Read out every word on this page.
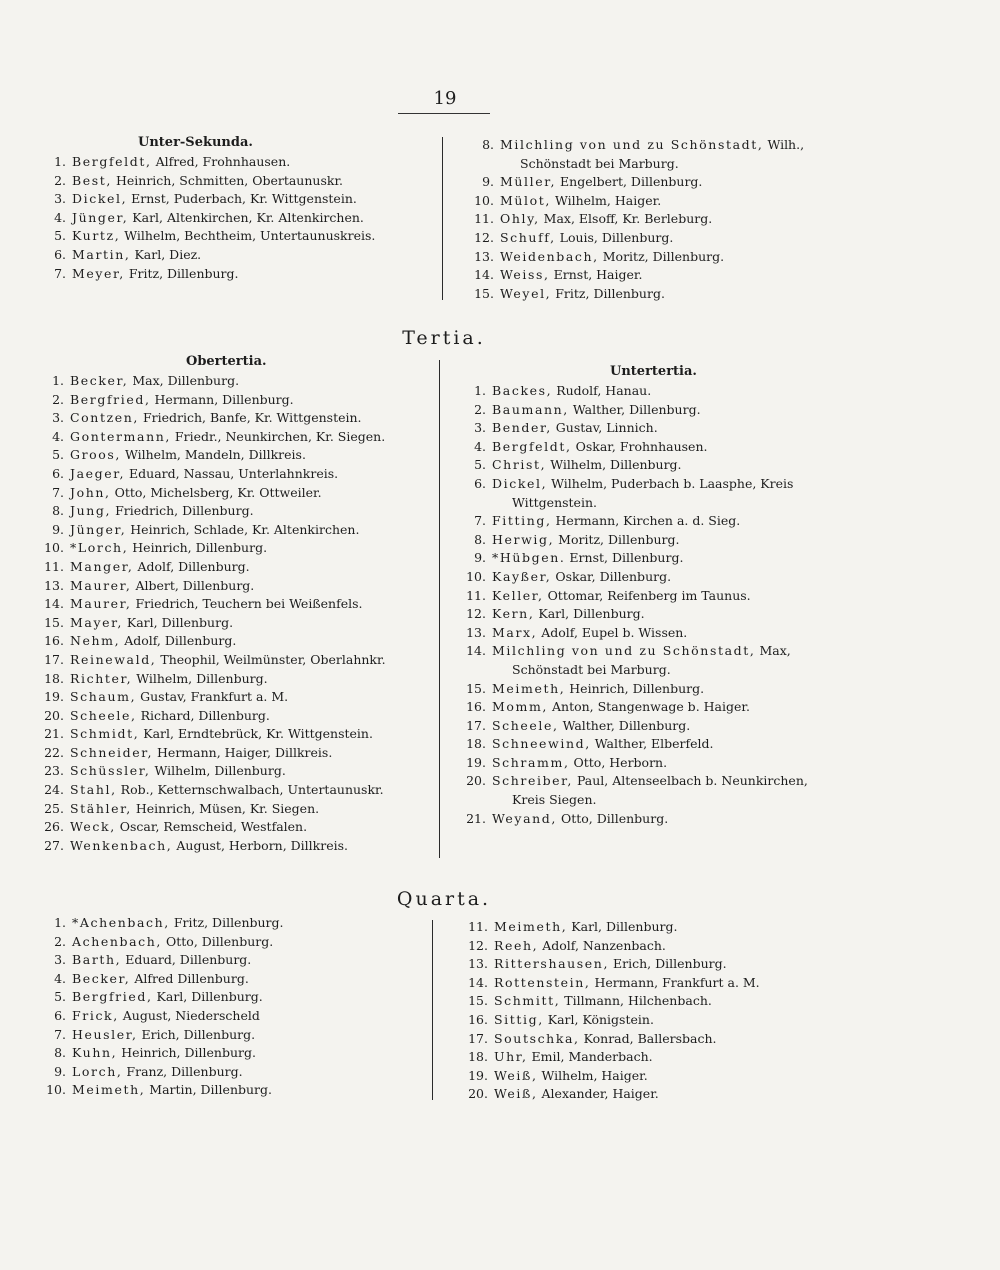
19
Unter-Sekunda.
1. Bergfeldt, Alfred, Frohnhausen.
2. Best, Heinrich, Schmitten, Obertaunuskr.
3. Dickel, Ernst, Puderbach, Kr. Wittgenstein.
4. Jünger, Karl, Altenkirchen, Kr. Altenkirchen.
5. Kurtz, Wilhelm, Bechtheim, Untertaunuskreis.
6. Martin, Karl, Diez.
7. Meyer, Fritz, Dillenburg.
8. Milchling von und zu Schönstadt, Wilh.,
Schönstadt bei Marburg.
9. Müller, Engelbert, Dillenburg.
10. Mülot, Wilhelm, Haiger.
11. Ohly, Max, Elsoff, Kr. Berleburg.
12. Schuff, Louis, Dillenburg.
13. Weidenbach, Moritz, Dillenburg.
14. Weiss, Ernst, Haiger.
15. Weyel, Fritz, Dillenburg.
Tertia.
Obertertia.
1. Becker, Max, Dillenburg.
2. Bergfried, Hermann, Dillenburg.
3. Contzen, Friedrich, Banfe, Kr. Wittgenstein.
4. Gontermann, Friedr., Neunkirchen, Kr. Siegen.
5. Groos, Wilhelm, Mandeln, Dillkreis.
6. Jaeger, Eduard, Nassau, Unterlahnkreis.
7. John, Otto, Michelsberg, Kr. Ottweiler.
8. Jung, Friedrich, Dillenburg.
9. Jünger, Heinrich, Schlade, Kr. Altenkirchen.
10. *Lorch, Heinrich, Dillenburg.
11. Manger, Adolf, Dillenburg.
13. Maurer, Albert, Dillenburg.
14. Maurer, Friedrich, Teuchern bei Weißenfels.
15. Mayer, Karl, Dillenburg.
16. Nehm, Adolf, Dillenburg.
17. Reinewald, Theophil, Weilmünster, Oberlahnkr.
18. Richter, Wilhelm, Dillenburg.
19. Schaum, Gustav, Frankfurt a. M.
20. Scheele, Richard, Dillenburg.
21. Schmidt, Karl, Erndtebrück, Kr. Wittgenstein.
22. Schneider, Hermann, Haiger, Dillkreis.
23. Schüssler, Wilhelm, Dillenburg.
24. Stahl, Rob., Ketternschwalbach, Untertaunuskr.
25. Stähler, Heinrich, Müsen, Kr. Siegen.
26. Weck, Oscar, Remscheid, Westfalen.
27. Wenkenbach, August, Herborn, Dillkreis.
Untertertia.
1. Backes, Rudolf, Hanau.
2. Baumann, Walther, Dillenburg.
3. Bender, Gustav, Linnich.
4. Bergfeldt, Oskar, Frohnhausen.
5. Christ, Wilhelm, Dillenburg.
6. Dickel, Wilhelm, Puderbach b. Laasphe, Kreis
Wittgenstein.
7. Fitting, Hermann, Kirchen a. d. Sieg.
8. Herwig, Moritz, Dillenburg.
9. *Hübgen. Ernst, Dillenburg.
10. Kayßer, Oskar, Dillenburg.
11. Keller, Ottomar, Reifenberg im Taunus.
12. Kern, Karl, Dillenburg.
13. Marx, Adolf, Eupel b. Wissen.
14. Milchling von und zu Schönstadt, Max,
Schönstadt bei Marburg.
15. Meimeth, Heinrich, Dillenburg.
16. Momm, Anton, Stangenwage b. Haiger.
17. Scheele, Walther, Dillenburg.
18. Schneewind, Walther, Elberfeld.
19. Schramm, Otto, Herborn.
20. Schreiber, Paul, Altenseelbach b. Neunkirchen,
Kreis Siegen.
21. Weyand, Otto, Dillenburg.
Quarta.
1. *Achenbach, Fritz, Dillenburg.
2. Achenbach, Otto, Dillenburg.
3. Barth, Eduard, Dillenburg.
4. Becker, Alfred Dillenburg.
5. Bergfried, Karl, Dillenburg.
6. Frick, August, Niederscheld
7. Heusler, Erich, Dillenburg.
8. Kuhn, Heinrich, Dillenburg.
9. Lorch, Franz, Dillenburg.
10. Meimeth, Martin, Dillenburg.
11. Meimeth, Karl, Dillenburg.
12. Reeh, Adolf, Nanzenbach.
13. Rittershausen, Erich, Dillenburg.
14. Rottenstein, Hermann, Frankfurt a. M.
15. Schmitt, Tillmann, Hilchenbach.
16. Sittig, Karl, Königstein.
17. Soutschka, Konrad, Ballersbach.
18. Uhr, Emil, Manderbach.
19. Weiß, Wilhelm, Haiger.
20. Weiß, Alexander, Haiger.
